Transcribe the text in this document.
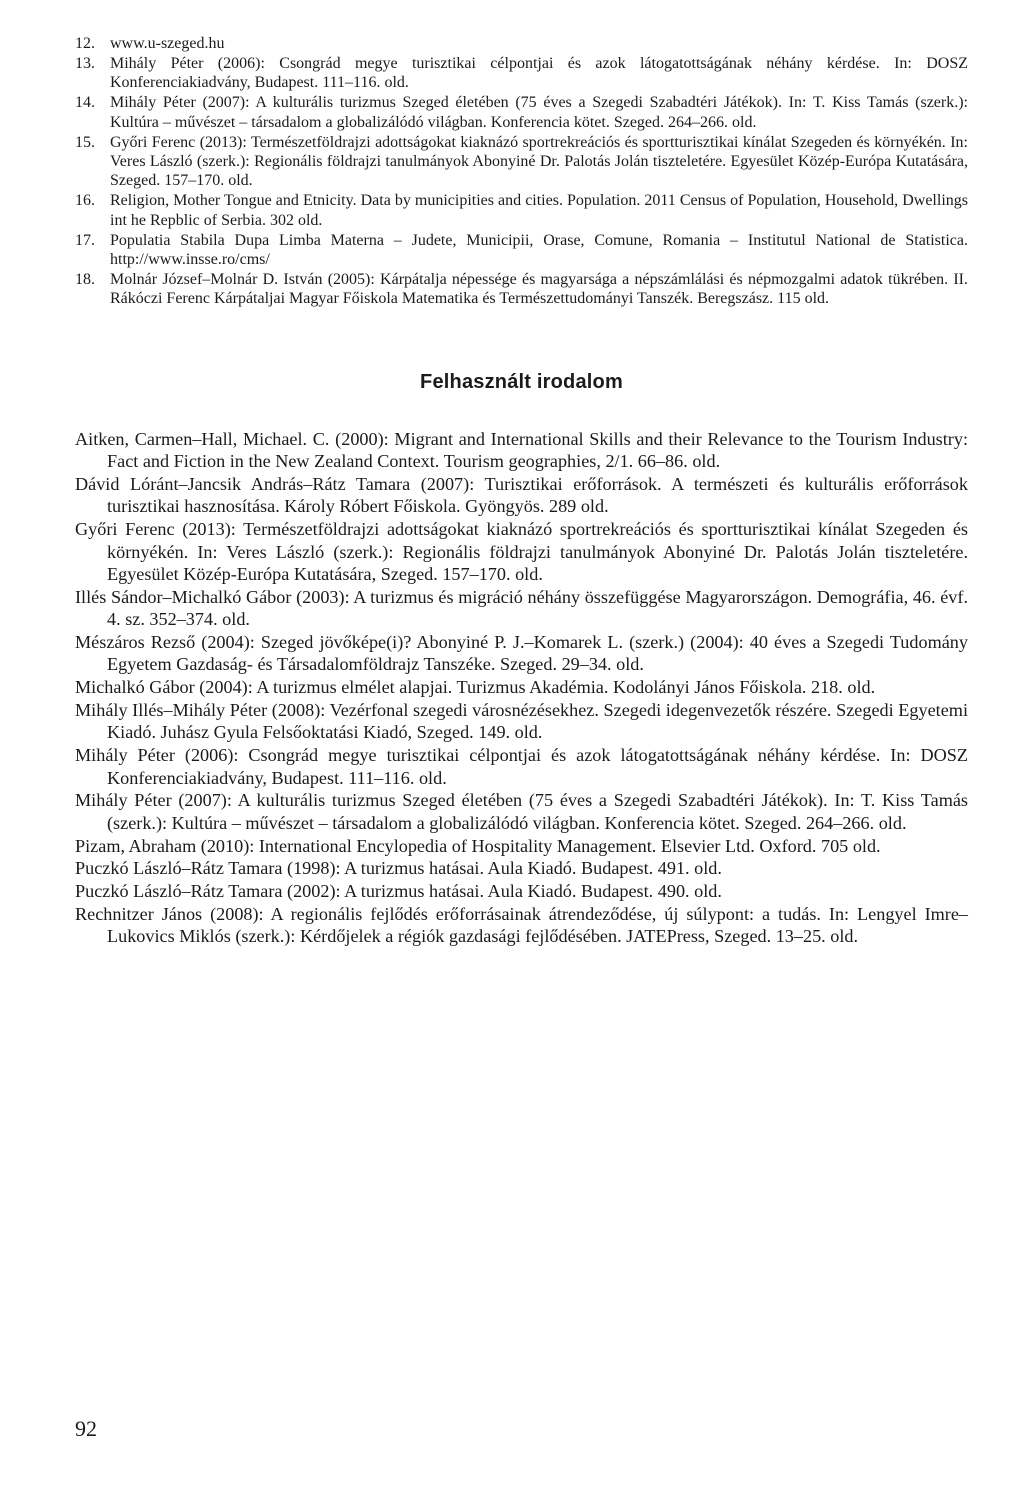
12. www.u-szeged.hu
13. Mihály Péter (2006): Csongrád megye turisztikai célpontjai és azok látogatottságának néhány kérdése. In: DOSZ Konferenciakiadvány, Budapest. 111–116. old.
14. Mihály Péter (2007): A kulturális turizmus Szeged életében (75 éves a Szegedi Szabadtéri Játékok). In: T. Kiss Tamás (szerk.): Kultúra – művészet – társadalom a globalizálódó világban. Konferencia kötet. Szeged. 264–266. old.
15. Győri Ferenc (2013): Természetföldrajzi adottságokat kiaknázó sportrekreációs és sportturisztikai kínálat Szegeden és környékén. In: Veres László (szerk.): Regionális földrajzi tanulmányok Abonyiné Dr. Palotás Jolán tiszteletére. Egyesület Közép-Európa Kutatására, Szeged. 157–170. old.
16. Religion, Mother Tongue and Etnicity. Data by municipities and cities. Population. 2011 Census of Population, Household, Dwellings int he Repblic of Serbia. 302 old.
17. Populatia Stabila Dupa Limba Materna – Judete, Municipii, Orase, Comune, Romania – Institutul National de Statistica. http://www.insse.ro/cms/
18. Molnár József–Molnár D. István (2005): Kárpátalja népessége és magyarsága a népszámlálási és népmozgalmi adatok tükrében. II. Rákóczi Ferenc Kárpátaljai Magyar Főiskola Matematika és Természettudományi Tanszék. Beregszász. 115 old.
Felhasznált irodalom
Aitken, Carmen–Hall, Michael. C. (2000): Migrant and International Skills and their Relevance to the Tourism Industry: Fact and Fiction in the New Zealand Context. Tourism geographies, 2/1. 66–86. old.
Dávid Lóránt–Jancsik András–Rátz Tamara (2007): Turisztikai erőforrások. A természeti és kulturális erőforrások turisztikai hasznosítása. Károly Róbert Főiskola. Gyöngyös. 289 old.
Győri Ferenc (2013): Természetföldrajzi adottságokat kiaknázó sportrekreációs és sportturisztikai kínálat Szegeden és környékén. In: Veres László (szerk.): Regionális földrajzi tanulmányok Abonyiné Dr. Palotás Jolán tiszteletére. Egyesület Közép-Európa Kutatására, Szeged. 157–170. old.
Illés Sándor–Michalkó Gábor (2003): A turizmus és migráció néhány összefüggése Magyarországon. Demográfia, 46. évf. 4. sz. 352–374. old.
Mészáros Rezső (2004): Szeged jövőképe(i)? Abonyiné P. J.–Komarek L. (szerk.) (2004): 40 éves a Szegedi Tudomány Egyetem Gazdaság- és Társadalomföldrajz Tanszéke. Szeged. 29–34. old.
Michalkó Gábor (2004): A turizmus elmélet alapjai. Turizmus Akadémia. Kodolányi János Főiskola. 218. old.
Mihály Illés–Mihály Péter (2008): Vezérfonal szegedi városnézésekhez. Szegedi idegenvezetők részére. Szegedi Egyetemi Kiadó. Juhász Gyula Felsőoktatási Kiadó, Szeged. 149. old.
Mihály Péter (2006): Csongrád megye turisztikai célpontjai és azok látogatottságának néhány kérdése. In: DOSZ Konferenciakiadvány, Budapest. 111–116. old.
Mihály Péter (2007): A kulturális turizmus Szeged életében (75 éves a Szegedi Szabadtéri Játékok). In: T. Kiss Tamás (szerk.): Kultúra – művészet – társadalom a globalizálódó világban. Konferencia kötet. Szeged. 264–266. old.
Pizam, Abraham (2010): International Encylopedia of Hospitality Management. Elsevier Ltd. Oxford. 705 old.
Puczkó László–Rátz Tamara (1998): A turizmus hatásai. Aula Kiadó. Budapest. 491. old.
Puczkó László–Rátz Tamara (2002): A turizmus hatásai. Aula Kiadó. Budapest. 490. old.
Rechnitzer János (2008): A regionális fejlődés erőforrásainak átrendeződése, új súlypont: a tudás. In: Lengyel Imre–Lukovics Miklós (szerk.): Kérdőjelek a régiók gazdasági fejlődésében. JATEPress, Szeged. 13–25. old.
92
